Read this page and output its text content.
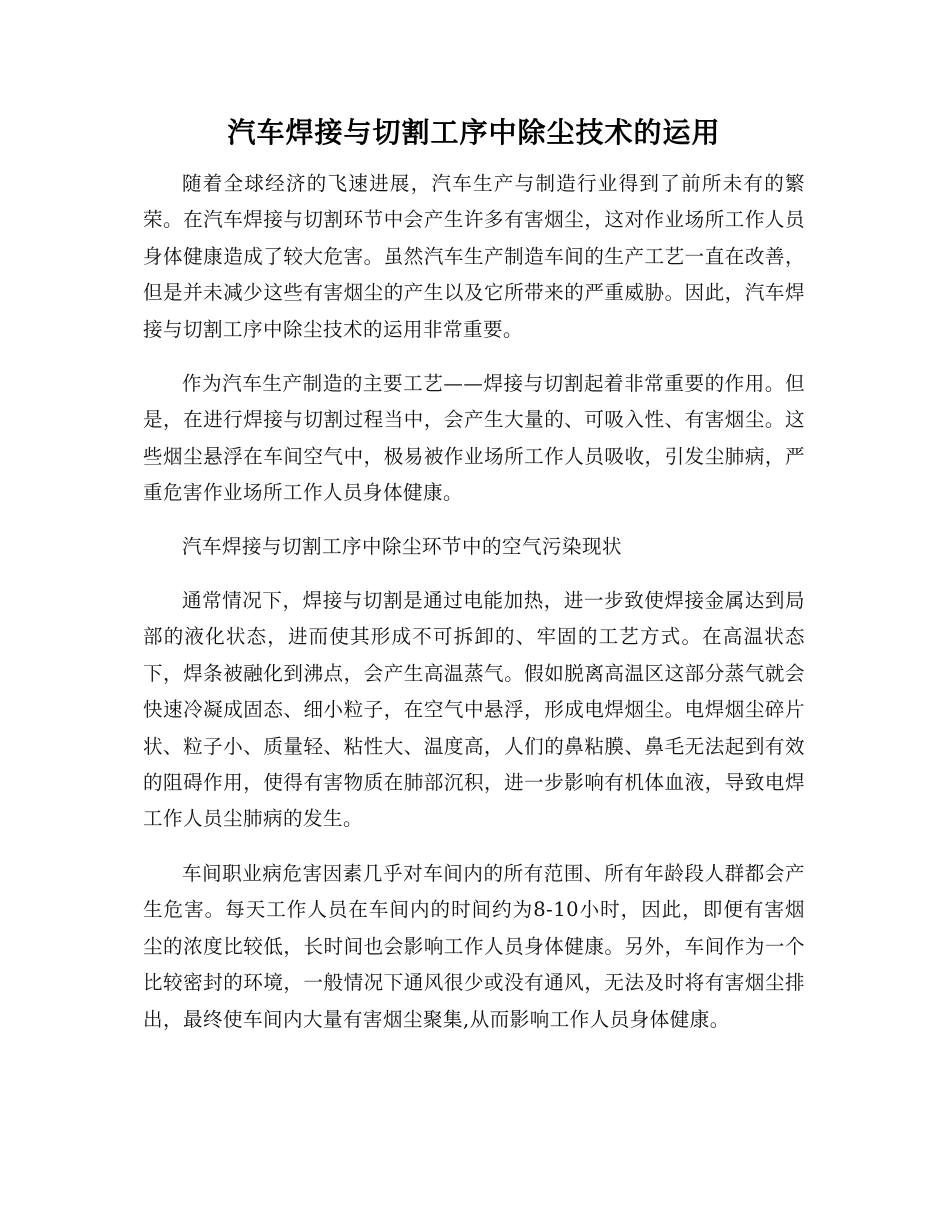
汽车焊接与切割工序中除尘技术的运用

随着全球经济的飞速进展，汽车生产与制造行业得到了前所未有的繁荣。在汽车焊接与切割环节中会产生许多有害烟尘，这对作业场所工作人员身体健康造成了较大危害。虽然汽车生产制造车间的生产工艺一直在改善，但是并未减少这些有害烟尘的产生以及它所带来的严重威胁。因此，汽车焊接与切割工序中除尘技术的运用非常重要。

作为汽车生产制造的主要工艺——焊接与切割起着非常重要的作用。但是，在进行焊接与切割过程当中，会产生大量的、可吸入性、有害烟尘。这些烟尘悬浮在车间空气中，极易被作业场所工作人员吸收，引发尘肺病，严重危害作业场所工作人员身体健康。

汽车焊接与切割工序中除尘环节中的空气污染现状

通常情况下，焊接与切割是通过电能加热，进一步致使焊接金属达到局部的液化状态，进而使其形成不可拆卸的、牢固的工艺方式。在高温状态下，焊条被融化到沸点，会产生高温蒸气。假如脱离高温区这部分蒸气就会快速冷凝成固态、细小粒子，在空气中悬浮，形成电焊烟尘。电焊烟尘碎片状、粒子小、质量轻、粘性大、温度高，人们的鼻粘膜、鼻毛无法起到有效的阻碍作用，使得有害物质在肺部沉积，进一步影响有机体血液，导致电焊工作人员尘肺病的发生。

车间职业病危害因素几乎对车间内的所有范围、所有年龄段人群都会产生危害。每天工作人员在车间内的时间约为8-10小时，因此，即便有害烟尘的浓度比较低，长时间也会影响工作人员身体健康。另外，车间作为一个比较密封的环境，一般情况下通风很少或没有通风，无法及时将有害烟尘排出，最终使车间内大量有害烟尘聚集,从而影响工作人员身体健康。
